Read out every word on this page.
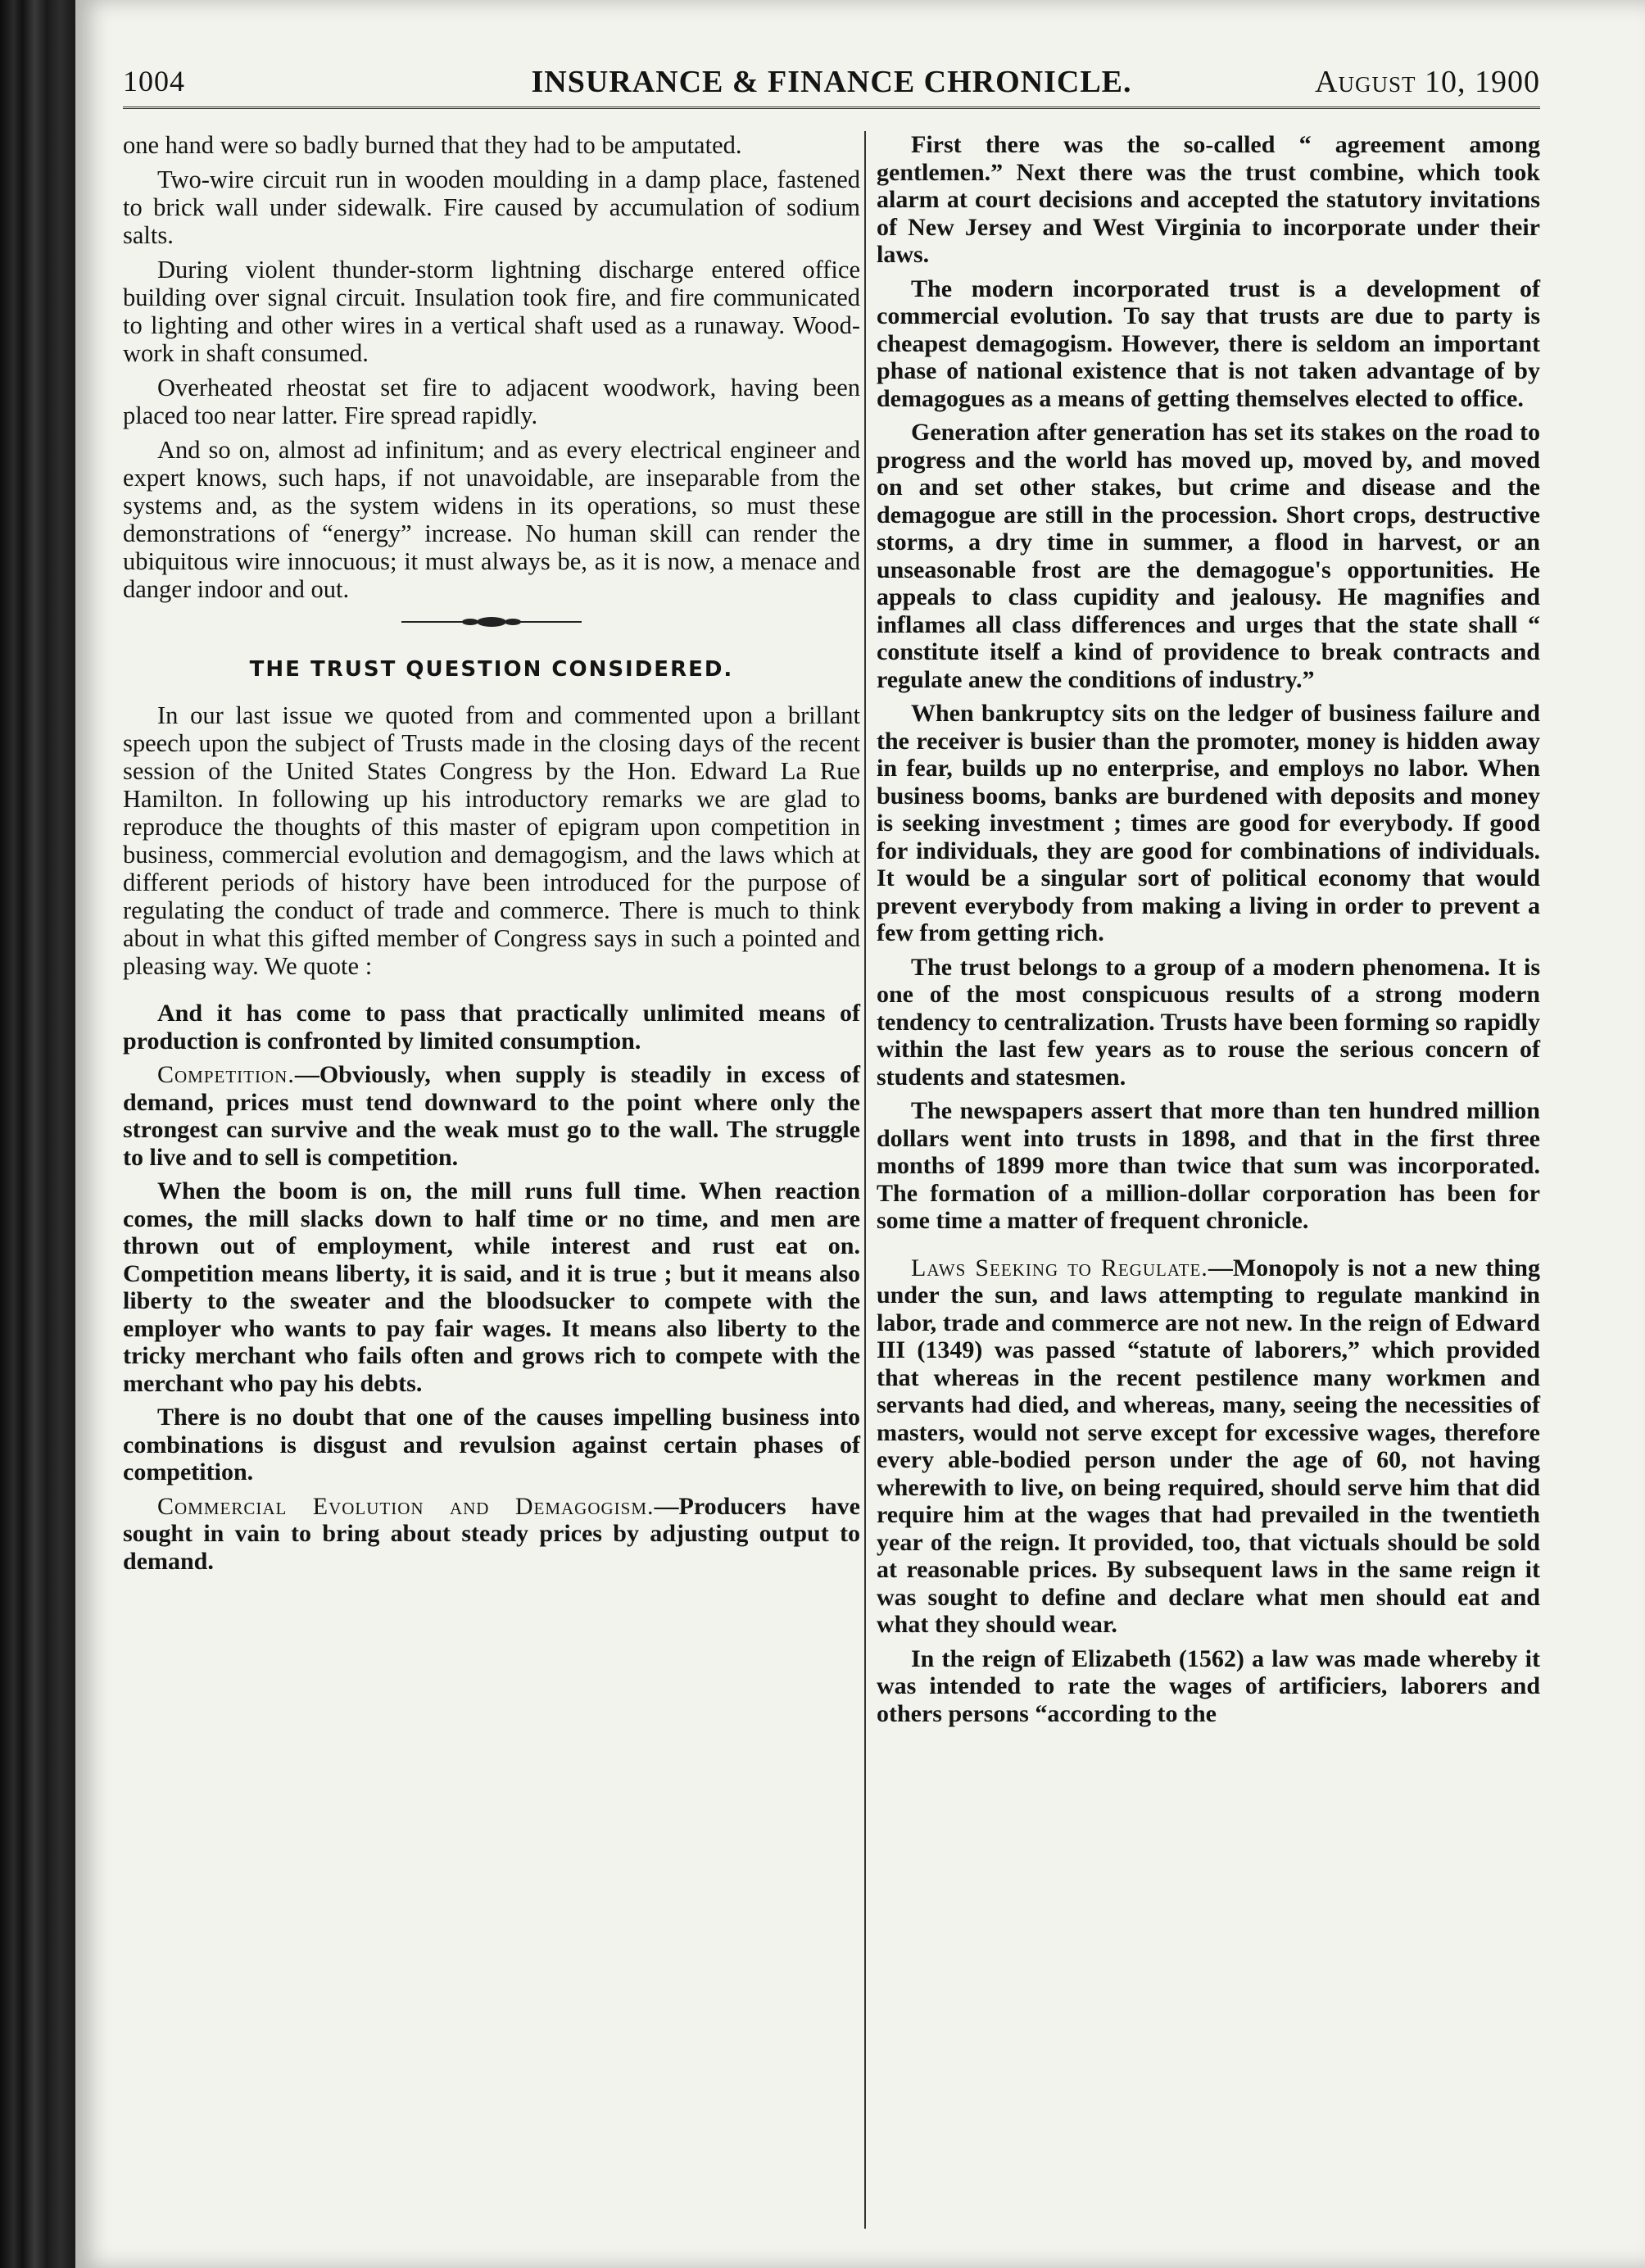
1004	INSURANCE & FINANCE CHRONICLE.	August 10, 1900

one hand were so badly burned that they had to be amputated.

Two-wire circuit run in wooden moulding in a damp place, fastened to brick wall under sidewalk. Fire caused by accumulation of sodium salts.

During violent thunder-storm lightning discharge entered office building over signal circuit. Insulation took fire, and fire communicated to lighting and other wires in a vertical shaft used as a runaway. Wood-work in shaft consumed.

Overheated rheostat set fire to adjacent woodwork, having been placed too near latter. Fire spread rapidly.

And so on, almost ad infinitum; and as every electrical engineer and expert knows, such haps, if not unavoidable, are inseparable from the systems and, as the system widens in its operations, so must these demonstrations of “energy” increase. No human skill can render the ubiquitous wire innocuous; it must always be, as it is now, a menace and danger indoor and out.

THE TRUST QUESTION CONSIDERED.

In our last issue we quoted from and commented upon a brillant speech upon the subject of Trusts made in the closing days of the recent session of the United States Congress by the Hon. Edward La Rue Hamilton. In following up his introductory remarks we are glad to reproduce the thoughts of this master of epigram upon competition in business, commercial evolution and demagogism, and the laws which at different periods of history have been introduced for the purpose of regulating the conduct of trade and commerce. There is much to think about in what this gifted member of Congress says in such a pointed and pleasing way. We quote :

And it has come to pass that practically unlimited means of production is confronted by limited consumption.

Competition.—Obviously, when supply is steadily in excess of demand, prices must tend downward to the point where only the strongest can survive and the weak must go to the wall. The struggle to live and to sell is competition.

When the boom is on, the mill runs full time. When reaction comes, the mill slacks down to half time or no time, and men are thrown out of employment, while interest and rust eat on. Competition means liberty, it is said, and it is true ; but it means also liberty to the sweater and the bloodsucker to compete with the employer who wants to pay fair wages. It means also liberty to the tricky merchant who fails often and grows rich to compete with the merchant who pay his debts.

There is no doubt that one of the causes impelling business into combinations is disgust and revulsion against certain phases of competition.

Commercial Evolution and Demagogism.—Producers have sought in vain to bring about steady prices by adjusting output to demand.

First there was the so-called “ agreement among gentlemen.” Next there was the trust combine, which took alarm at court decisions and accepted the statutory invitations of New Jersey and West Virginia to incorporate under their laws.

The modern incorporated trust is a development of commercial evolution. To say that trusts are due to party is cheapest demagogism. However, there is seldom an important phase of national existence that is not taken advantage of by demagogues as a means of getting themselves elected to office.

Generation after generation has set its stakes on the road to progress and the world has moved up, moved by, and moved on and set other stakes, but crime and disease and the demagogue are still in the procession. Short crops, destructive storms, a dry time in summer, a flood in harvest, or an unseasonable frost are the demagogue's opportunities. He appeals to class cupidity and jealousy. He magnifies and inflames all class differences and urges that the state shall “ constitute itself a kind of providence to break contracts and regulate anew the conditions of industry.”

When bankruptcy sits on the ledger of business failure and the receiver is busier than the promoter, money is hidden away in fear, builds up no enterprise, and employs no labor. When business booms, banks are burdened with deposits and money is seeking investment ; times are good for everybody. If good for individuals, they are good for combinations of individuals. It would be a singular sort of political economy that would prevent everybody from making a living in order to prevent a few from getting rich.

The trust belongs to a group of a modern phenomena. It is one of the most conspicuous results of a strong modern tendency to centralization. Trusts have been forming so rapidly within the last few years as to rouse the serious concern of students and statesmen.

The newspapers assert that more than ten hundred million dollars went into trusts in 1898, and that in the first three months of 1899 more than twice that sum was incorporated. The formation of a million-dollar corporation has been for some time a matter of frequent chronicle.

Laws Seeking to Regulate.—Monopoly is not a new thing under the sun, and laws attempting to regulate mankind in labor, trade and commerce are not new. In the reign of Edward III (1349) was passed “statute of laborers,” which provided that whereas in the recent pestilence many workmen and servants had died, and whereas, many, seeing the necessities of masters, would not serve except for excessive wages, therefore every able-bodied person under the age of 60, not having wherewith to live, on being required, should serve him that did require him at the wages that had prevailed in the twentieth year of the reign. It provided, too, that victuals should be sold at reasonable prices. By subsequent laws in the same reign it was sought to define and declare what men should eat and what they should wear.

In the reign of Elizabeth (1562) a law was made whereby it was intended to rate the wages of artificiers, laborers and others persons “according to the
